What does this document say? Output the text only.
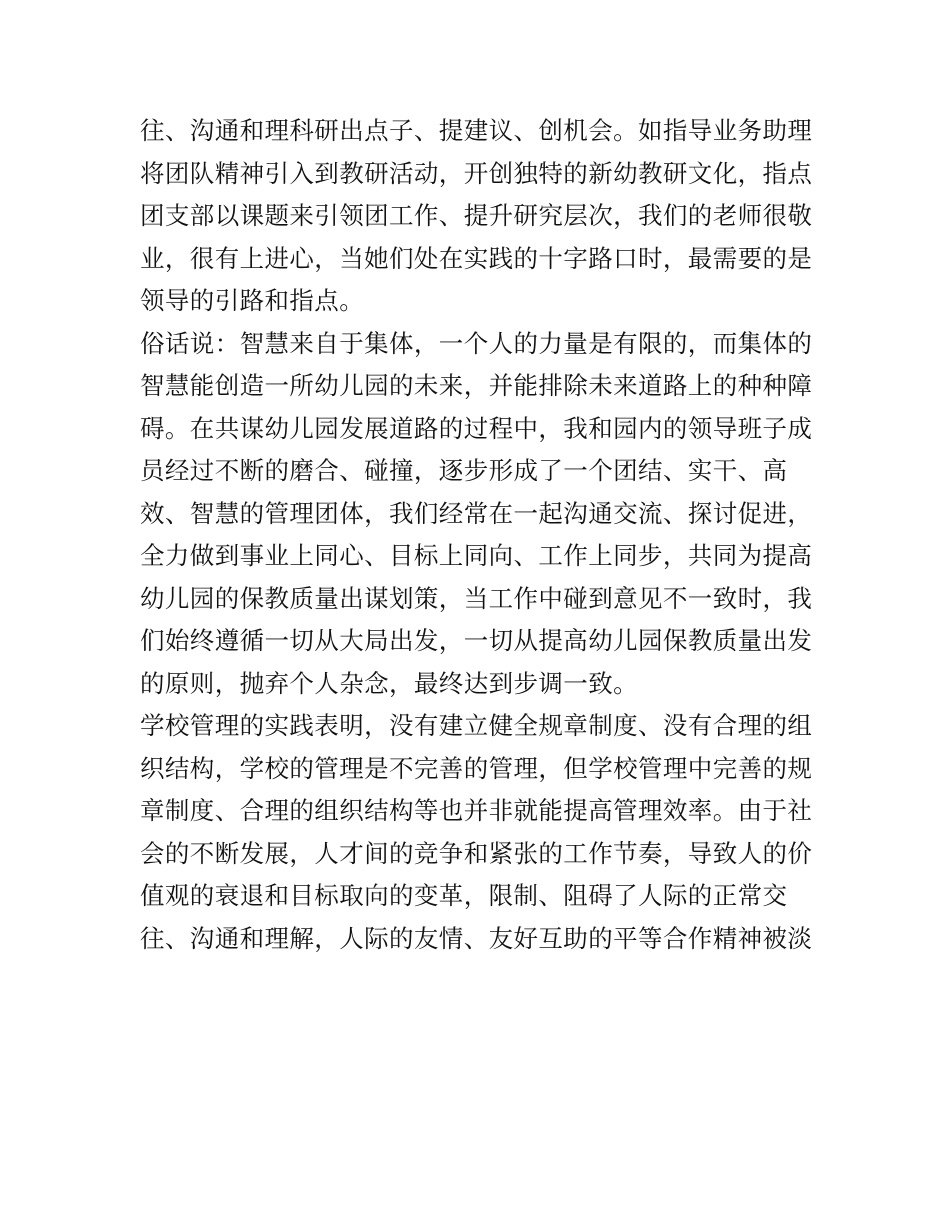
往、沟通和理科研出点子、提建议、创机会。如指导业务助理
将团队精神引入到教研活动，开创独特的新幼教研文化，指点
团支部以课题来引领团工作、提升研究层次，我们的老师很敬
业，很有上进心，当她们处在实践的十字路口时，最需要的是
领导的引路和指点。
俗话说：智慧来自于集体，一个人的力量是有限的，而集体的
智慧能创造一所幼儿园的未来，并能排除未来道路上的种种障
碍。在共谋幼儿园发展道路的过程中，我和园内的领导班子成
员经过不断的磨合、碰撞，逐步形成了一个团结、实干、高
效、智慧的管理团体，我们经常在一起沟通交流、探讨促进，
全力做到事业上同心、目标上同向、工作上同步，共同为提高
幼儿园的保教质量出谋划策，当工作中碰到意见不一致时，我
们始终遵循一切从大局出发，一切从提高幼儿园保教质量出发
的原则，抛弃个人杂念，最终达到步调一致。
学校管理的实践表明，没有建立健全规章制度、没有合理的组
织结构，学校的管理是不完善的管理，但学校管理中完善的规
章制度、合理的组织结构等也并非就能提高管理效率。由于社
会的不断发展，人才间的竞争和紧张的工作节奏，导致人的价
值观的衰退和目标取向的变革，限制、阻碍了人际的正常交
往、沟通和理解，人际的友情、友好互助的平等合作精神被淡
